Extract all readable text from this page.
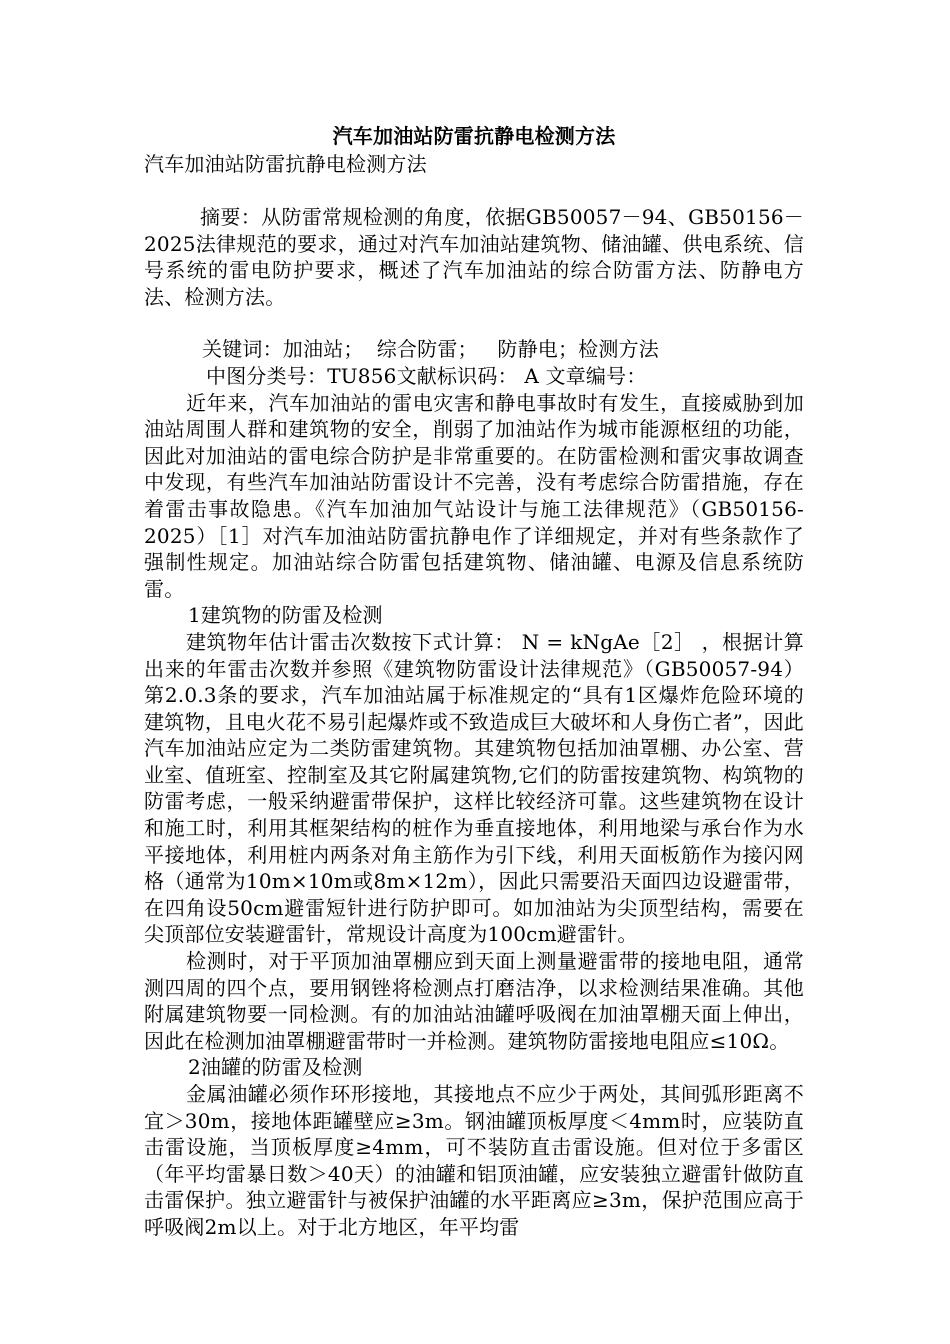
汽车加油站防雷抗静电检测方法

汽车加油站防雷抗静电检测方法

摘要：从防雷常规检测的角度，依据GB50057－94、GB50156－2025法律规范的要求，通过对汽车加油站建筑物、储油罐、供电系统、信号系统的雷电防护要求，概述了汽车加油站的综合防雷方法、防静电方法、检测方法。

关键词：加油站；  综合防雷；   防静电；检测方法

中图分类号：TU856文献标识码： A 文章编号：

近年来，汽车加油站的雷电灾害和静电事故时有发生，直接威胁到加油站周围人群和建筑物的安全，削弱了加油站作为城市能源枢纽的功能，因此对加油站的雷电综合防护是非常重要的。在防雷检测和雷灾事故调查中发现，有些汽车加油站防雷设计不完善，没有考虑综合防雷措施，存在着雷击事故隐患。《汽车加油加气站设计与施工法律规范》（GB50156-2025）［1］对汽车加油站防雷抗静电作了详细规定，并对有些条款作了强制性规定。加油站综合防雷包括建筑物、储油罐、电源及信息系统防雷。

1建筑物的防雷及检测

建筑物年估计雷击次数按下式计算： N = kNgAe［2］ ，根据计算出来的年雷击次数并参照《建筑物防雷设计法律规范》（GB50057-94）第2.0.3条的要求，汽车加油站属于标准规定的“具有1区爆炸危险环境的建筑物，且电火花不易引起爆炸或不致造成巨大破坏和人身伤亡者”，因此汽车加油站应定为二类防雷建筑物。其建筑物包括加油罩棚、办公室、营业室、值班室、控制室及其它附属建筑物,它们的防雷按建筑物、构筑物的防雷考虑，一般采纳避雷带保护，这样比较经济可靠。这些建筑物在设计和施工时，利用其框架结构的桩作为垂直接地体，利用地梁与承台作为水平接地体，利用桩内两条对角主筋作为引下线，利用天面板筋作为接闪网格（通常为10m×10m或8m×12m），因此只需要沿天面四边设避雷带，在四角设50cm避雷短针进行防护即可。如加油站为尖顶型结构，需要在尖顶部位安装避雷针，常规设计高度为100cm避雷针。

检测时，对于平顶加油罩棚应到天面上测量避雷带的接地电阻，通常测四周的四个点，要用钢锉将检测点打磨洁净，以求检测结果准确。其他附属建筑物要一同检测。有的加油站油罐呼吸阀在加油罩棚天面上伸出，因此在检测加油罩棚避雷带时一并检测。建筑物防雷接地电阻应≤10Ω。

2油罐的防雷及检测

金属油罐必须作环形接地，其接地点不应少于两处，其间弧形距离不宜＞30m，接地体距罐壁应≥3m。钢油罐顶板厚度＜4mm时，应装防直击雷设施，当顶板厚度≥4mm，可不装防直击雷设施。但对位于多雷区（年平均雷暴日数＞40天）的油罐和铝顶油罐，应安装独立避雷针做防直击雷保护。独立避雷针与被保护油罐的水平距离应≥3m，保护范围应高于呼吸阀2m以上。对于北方地区，年平均雷
